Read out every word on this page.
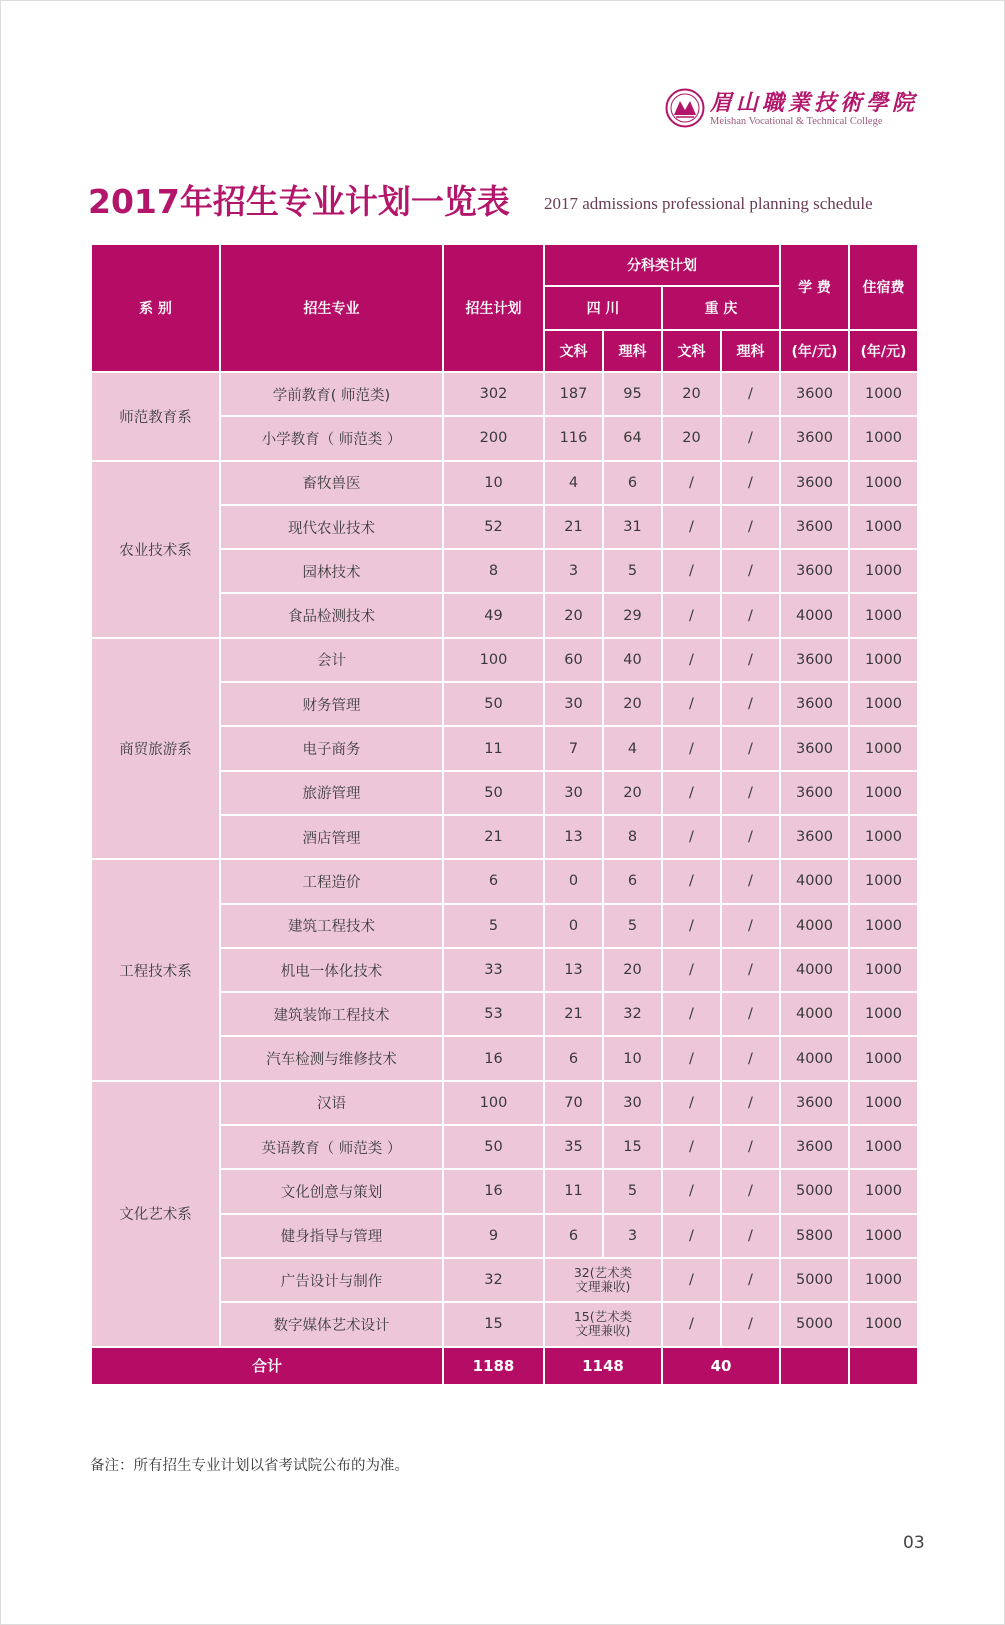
眉山職業技術學院
Meishan Vocational & Technical College
2017年招生专业计划一览表 2017 admissions professional planning schedule
系 别	招生专业	招生计划	分科类计划				学 费	住宿费
			四 川		重 庆			
			文科	理科	文科	理科	(年/元)	(年/元)
师范教育系	学前教育( 师范类)	302	187	95	20	/	3600	1000
	小学教育（ 师范类 ）	200	116	64	20	/	3600	1000
农业技术系	畜牧兽医	10	4	6	/	/	3600	1000
	现代农业技术	52	21	31	/	/	3600	1000
	园林技术	8	3	5	/	/	3600	1000
	食品检测技术	49	20	29	/	/	4000	1000
商贸旅游系	会计	100	60	40	/	/	3600	1000
	财务管理	50	30	20	/	/	3600	1000
	电子商务	11	7	4	/	/	3600	1000
	旅游管理	50	30	20	/	/	3600	1000
	酒店管理	21	13	8	/	/	3600	1000
工程技术系	工程造价	6	0	6	/	/	4000	1000
	建筑工程技术	5	0	5	/	/	4000	1000
	机电一体化技术	33	13	20	/	/	4000	1000
	建筑装饰工程技术	53	21	32	/	/	4000	1000
	汽车检测与维修技术	16	6	10	/	/	4000	1000
文化艺术系	汉语	100	70	30	/	/	3600	1000
	英语教育（ 师范类 ）	50	35	15	/	/	3600	1000
	文化创意与策划	16	11	5	/	/	5000	1000
	健身指导与管理	9	6	3	/	/	5800	1000
	广告设计与制作	32	32(艺术类
文理兼收)		/	/	5000	1000
	数字媒体艺术设计	15	15(艺术类
文理兼收)		/	/	5000	1000
合计		1188	1148		40			
备注：所有招生专业计划以省考试院公布的为准。
03
